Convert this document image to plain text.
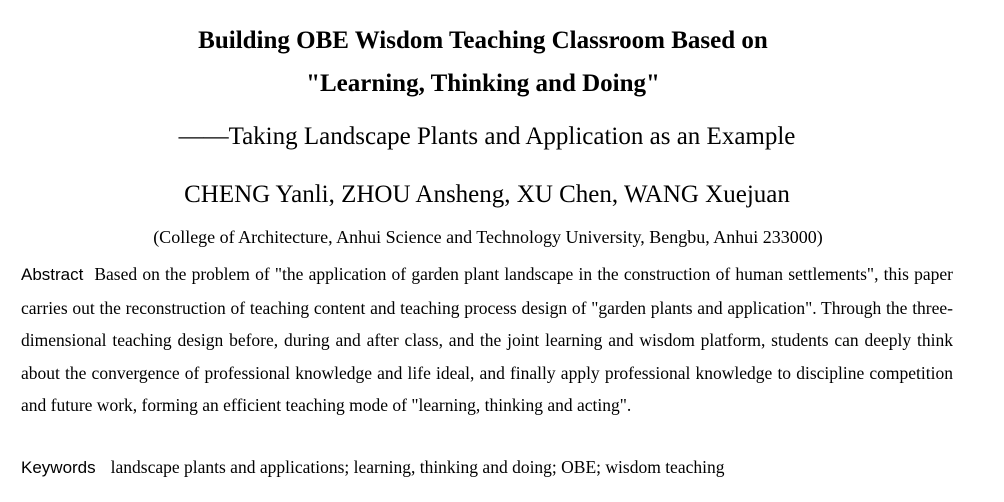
Building OBE Wisdom Teaching Classroom Based on
"Learning, Thinking and Doing"
——Taking Landscape Plants and Application as an Example
CHENG Yanli, ZHOU Ansheng, XU Chen, WANG Xuejuan
(College of Architecture, Anhui Science and Technology University, Bengbu, Anhui 233000)
Abstract Based on the problem of "the application of garden plant landscape in the construction of human settlements", this paper carries out the reconstruction of teaching content and teaching process design of "garden plants and application". Through the three-dimensional teaching design before, during and after class, and the joint learning and wisdom platform, students can deeply think about the convergence of professional knowledge and life ideal, and finally apply professional knowledge to discipline competition and future work, forming an efficient teaching mode of "learning, thinking and acting".
Keywords landscape plants and applications; learning, thinking and doing; OBE; wisdom teaching
